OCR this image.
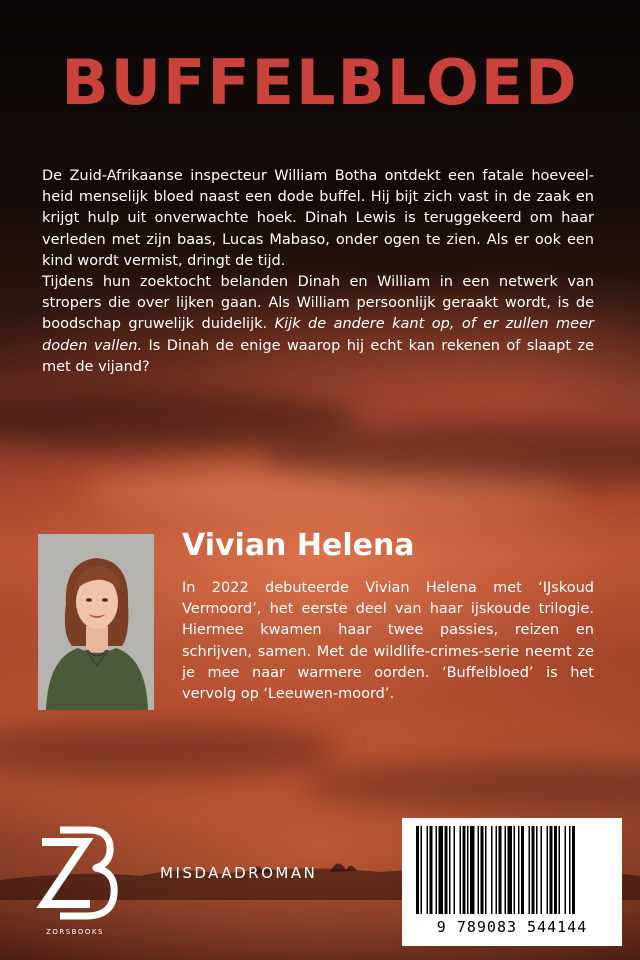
BUFFELBLOED

De Zuid-Afrikaanse inspecteur William Botha ontdekt een fatale hoeveel-heid menselijk bloed naast een dode buffel. Hij bijt zich vast in de zaak en krijgt hulp uit onverwachte hoek. Dinah Lewis is teruggekeerd om haar verleden met zijn baas, Lucas Mabaso, onder ogen te zien. Als er ook een kind wordt vermist, dringt de tijd.

Tijdens hun zoektocht belanden Dinah en William in een netwerk van stropers die over lijken gaan. Als William persoonlijk geraakt wordt, is de boodschap gruwelijk duidelijk. Kijk de andere kant op, of er zullen meer doden vallen. Is Dinah de enige waarop hij echt kan rekenen of slaapt ze met de vijand?

Vivian Helena
In 2022 debuteerde Vivian Helena met ‘IJskoud Vermoord’, het eerste deel van haar ijskoude trilogie. Hiermee kwamen haar twee passies, reizen en schrijven, samen. Met de wildlife-crimes-serie neemt ze je mee naar warmere oorden. ‘Buffelbloed’ is het vervolg op ‘Leeuwen-moord’.
ZORSBOOKS
MISDAADROMAN
9 789083 544144
